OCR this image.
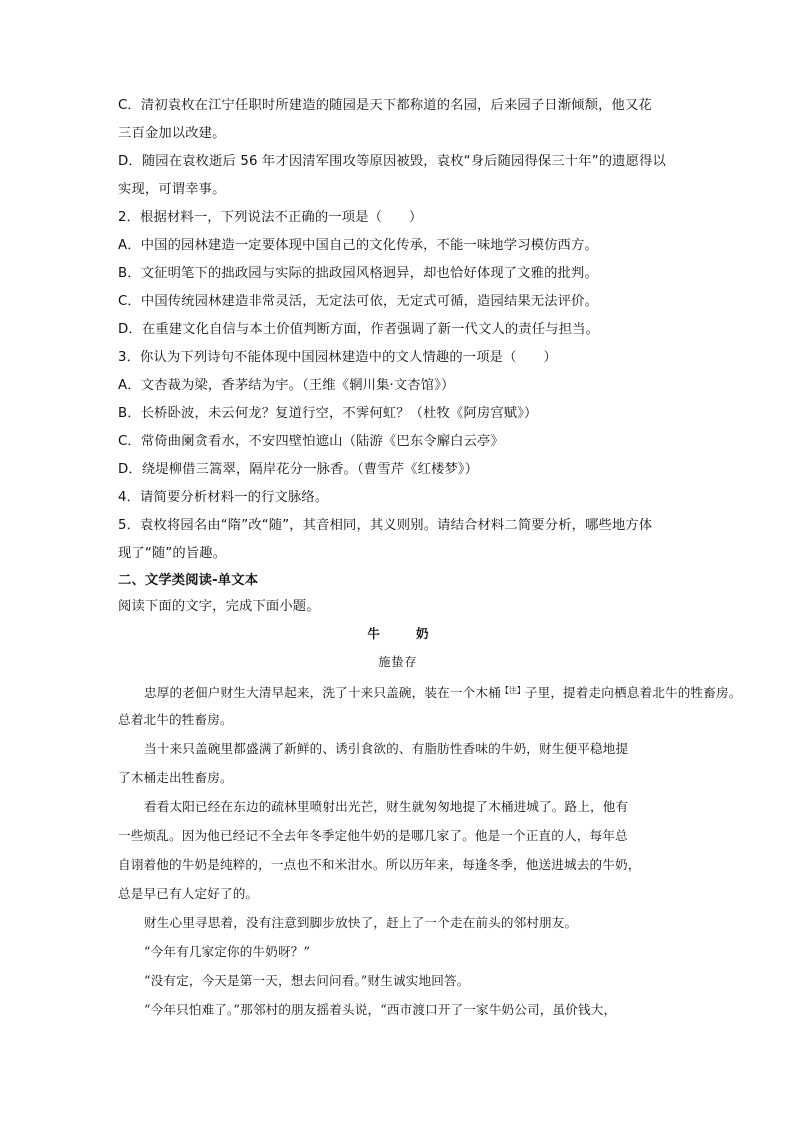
C．清初袁枚在江宁任职时所建造的随园是天下都称道的名园，后来园子日渐倾颓，他又花
三百金加以改建。
D．随园在袁枚逝后 56 年才因清军围攻等原因被毁，袁枚“身后随园得保三十年”的遗愿得以
实现，可谓幸事。
2．根据材料一，下列说法不正确的一项是（　　）
A．中国的园林建造一定要体现中国自己的文化传承，不能一味地学习模仿西方。
B．文征明笔下的拙政园与实际的拙政园风格迥异，却也恰好体现了文雅的批判。
C．中国传统园林建造非常灵活，无定法可依，无定式可循，造园结果无法评价。
D．在重建文化自信与本土价值判断方面，作者强调了新一代文人的责任与担当。
3．你认为下列诗句不能体现中国园林建造中的文人情趣的一项是（　　）
A．文杏裁为梁，香茅结为宇。（王维《辋川集·文杏馆》）
B．长桥卧波，未云何龙？复道行空，不霁何虹？（杜牧《阿房宫赋》）
C．常倚曲阑贪看水，不安四壁怕遮山（陆游《巴东令廨白云亭》
D．绕堤柳借三篙翠，隔岸花分一脉香。（曹雪芹《红楼梦》）
4．请简要分析材料一的行文脉络。
5．袁枚将园名由“隋”改“随”，其音相同，其义则别。请结合材料二简要分析，哪些地方体
现了“随”的旨趣。
二、文学类阅读-单文本
阅读下面的文字，完成下面小题。
牛奶
施蛰存
忠厚的老佃户财生大清早起来，洗了十来只盖碗，装在一个木桶$^{【注】}$子里，提着走向栖息着北牛的牲畜房。
总着北牛的牲畜房。
当十来只盖碗里都盛满了新鲜的、诱引食欲的、有脂肪性香味的牛奶，财生便平稳地提
了木桶走出牲畜房。
看看太阳已经在东边的疏林里喷射出光芒，财生就匆匆地提了木桶进城了。路上，他有
一些烦乱。因为他已经记不全去年冬季定他牛奶的是哪几家了。他是一个正直的人，每年总
自诩着他的牛奶是纯粹的，一点也不和米泔水。所以历年来，每逢冬季，他送进城去的牛奶，
总是早已有人定好了的。
财生心里寻思着，没有注意到脚步放快了，赶上了一个走在前头的邻村朋友。
“今年有几家定你的牛奶呀？”
“没有定，今天是第一天，想去问问看。”财生诚实地回答。
“今年只怕难了。”那邻村的朋友摇着头说，“西市渡口开了一家牛奶公司，虽价钱大，
